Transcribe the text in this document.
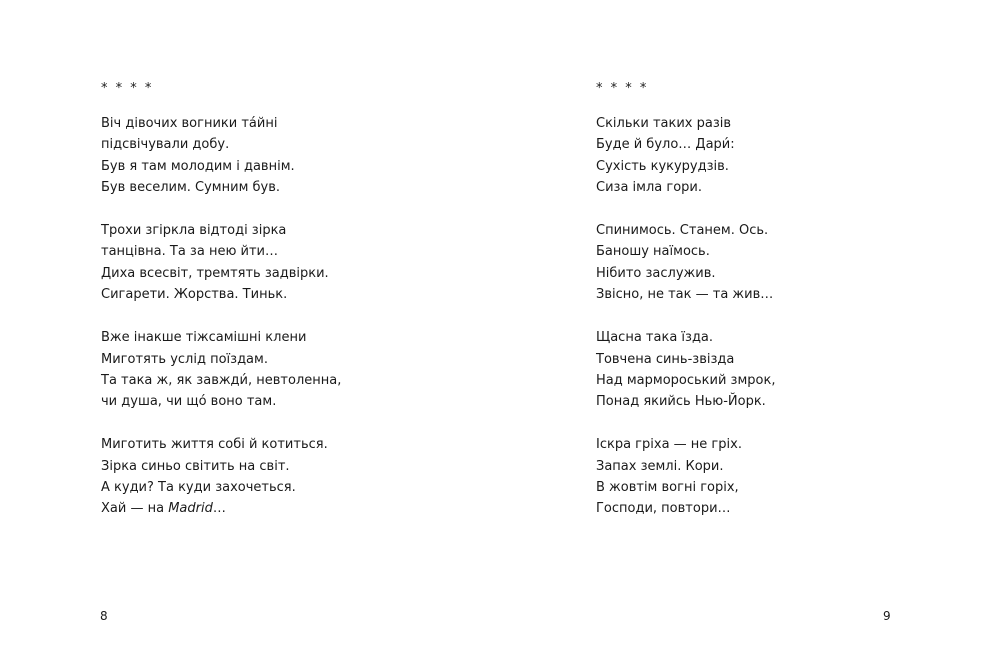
* * * *
Віч дівочих вогники та́йні
підсвічували добу.
Був я там молодим і давнім.
Був веселим. Сумним був.
Трохи згіркла відтоді зірка
танцівна. Та за нею йти…
Диха всесвіт, тремтять задвірки.
Сигарети. Жорства. Тиньк.
Вже інакше тіжсамішні клени
Миготять услід поїздам.
Та така ж, як завжди́, невтоленна,
чи душа, чи що́ воно там.
Миготить життя собі й котиться.
Зірка синьо світить на світ.
А куди? Та куди захочеться.
Хай — на Madrid…
8
* * * *
Скільки таких разів
Буде й було… Дари́:
Сухість кукурудзів.
Сиза імла гори.
Спинимось. Станем. Ось.
Баношу наїмось.
Нібито заслужив.
Звісно, не так — та жив…
Щасна така їзда.
Товчена синь-звізда
Над мармороський змрок,
Понад якийсь Нью-Йорк.
Іскра гріха — не гріх.
Запах землі. Кори.
В жовтім вогні горіх,
Господи, повтори…
9
